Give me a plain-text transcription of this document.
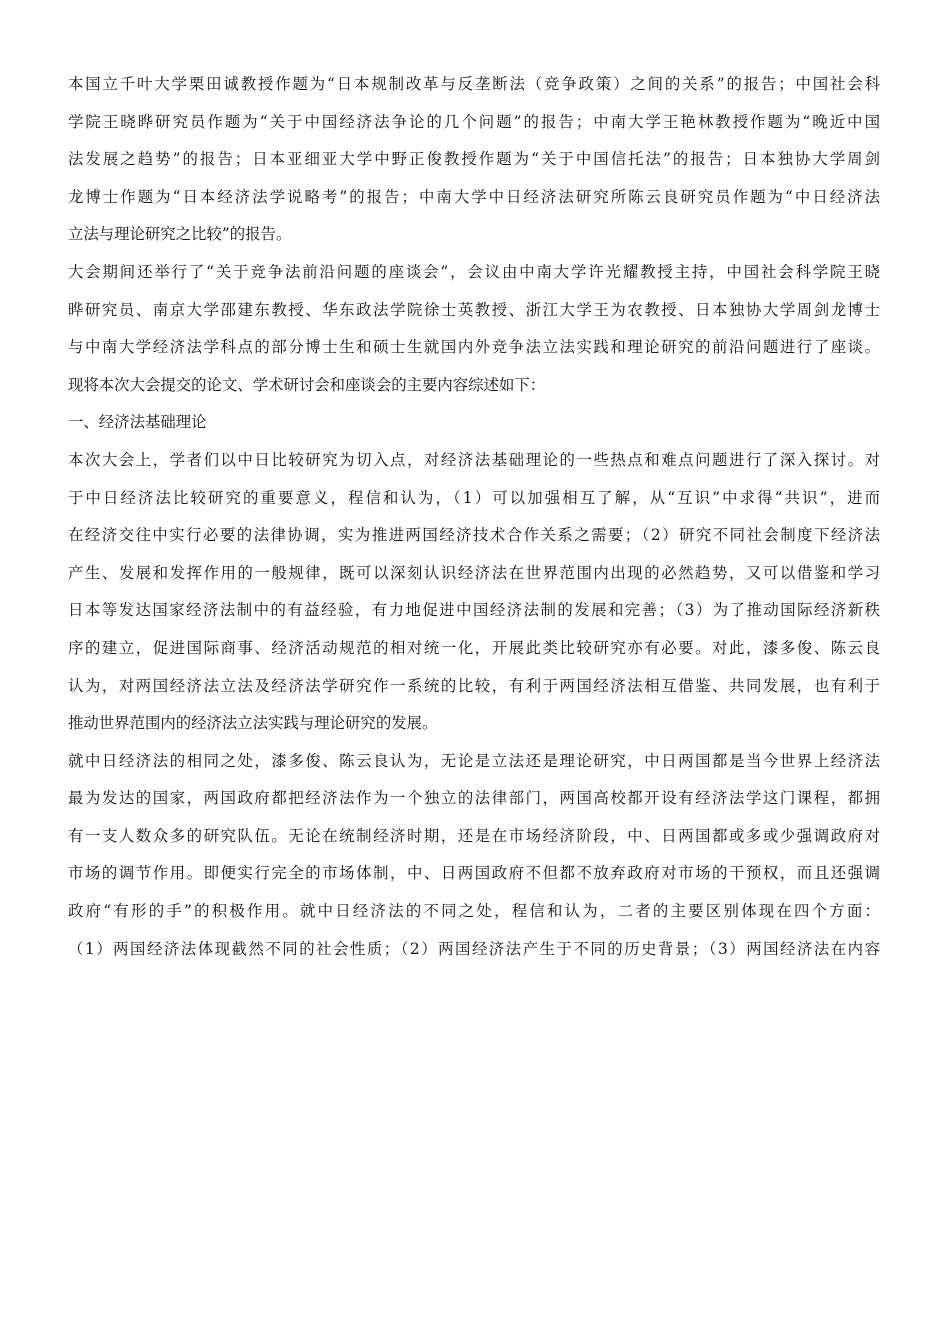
本国立千叶大学栗田诚教授作题为“日本规制改革与反垄断法（竞争政策）之间的关系”的报告；中国社会科
学院王晓晔研究员作题为“关于中国经济法争论的几个问题”的报告；中南大学王艳林教授作题为“晚近中国
法发展之趋势”的报告；日本亚细亚大学中野正俊教授作题为“关于中国信托法”的报告；日本独协大学周剑
龙博士作题为“日本经济法学说略考”的报告；中南大学中日经济法研究所陈云良研究员作题为“中日经济法
立法与理论研究之比较”的报告。
大会期间还举行了“关于竞争法前沿问题的座谈会”，会议由中南大学许光耀教授主持，中国社会科学院王晓
晔研究员、南京大学邵建东教授、华东政法学院徐士英教授、浙江大学王为农教授、日本独协大学周剑龙博士
与中南大学经济法学科点的部分博士生和硕士生就国内外竞争法立法实践和理论研究的前沿问题进行了座谈。
现将本次大会提交的论文、学术研讨会和座谈会的主要内容综述如下：
一、经济法基础理论
本次大会上，学者们以中日比较研究为切入点，对经济法基础理论的一些热点和难点问题进行了深入探讨。对
于中日经济法比较研究的重要意义，程信和认为，（1）可以加强相互了解，从“互识”中求得“共识”，进而
在经济交往中实行必要的法律协调，实为推进两国经济技术合作关系之需要；（2）研究不同社会制度下经济法
产生、发展和发挥作用的一般规律，既可以深刻认识经济法在世界范围内出现的必然趋势，又可以借鉴和学习
日本等发达国家经济法制中的有益经验，有力地促进中国经济法制的发展和完善；（3）为了推动国际经济新秩
序的建立，促进国际商事、经济活动规范的相对统一化，开展此类比较研究亦有必要。对此，漆多俊、陈云良
认为，对两国经济法立法及经济法学研究作一系统的比较，有利于两国经济法相互借鉴、共同发展，也有利于
推动世界范围内的经济法立法实践与理论研究的发展。
就中日经济法的相同之处，漆多俊、陈云良认为，无论是立法还是理论研究，中日两国都是当今世界上经济法
最为发达的国家，两国政府都把经济法作为一个独立的法律部门，两国高校都开设有经济法学这门课程，都拥
有一支人数众多的研究队伍。无论在统制经济时期，还是在市场经济阶段，中、日两国都或多或少强调政府对
市场的调节作用。即便实行完全的市场体制，中、日两国政府不但都不放弃政府对市场的干预权，而且还强调
政府“有形的手”的积极作用。就中日经济法的不同之处，程信和认为，二者的主要区别体现在四个方面：
（1）两国经济法体现截然不同的社会性质；（2）两国经济法产生于不同的历史背景；（3）两国经济法在内容
